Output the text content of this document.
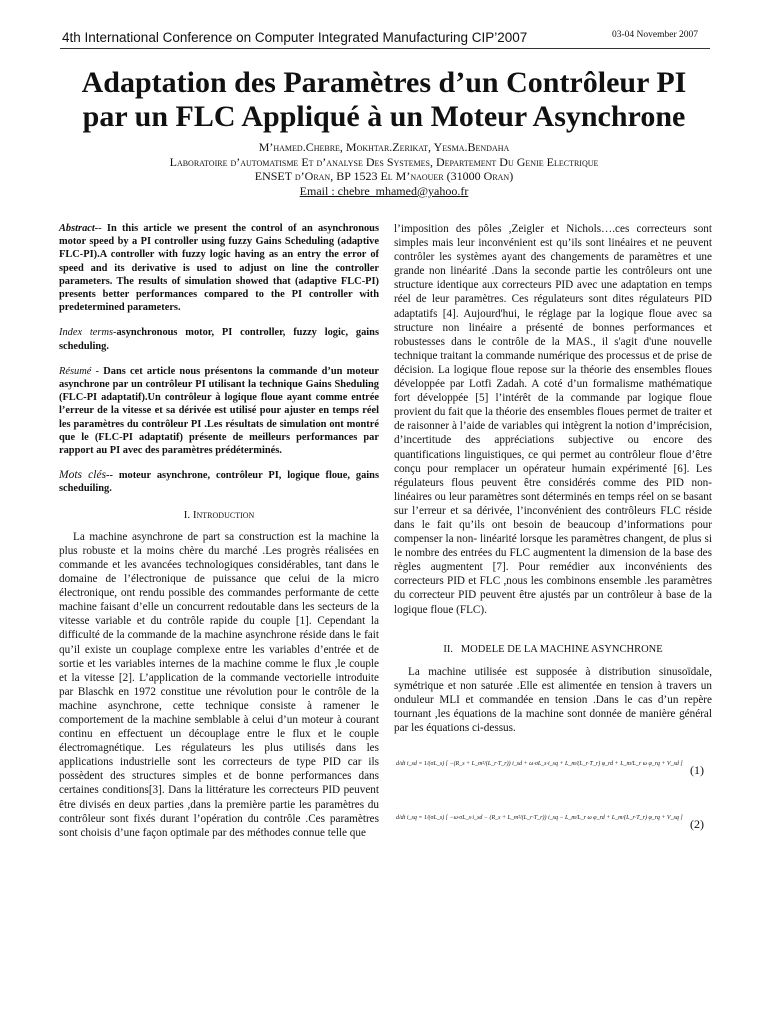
4th International Conference on Computer Integrated Manufacturing CIP’2007	03-04 November 2007
Adaptation des Paramètres d’un Contrôleur PI
par un FLC Appliqué à un Moteur Asynchrone
M’hamed.Chebre, Mokhtar.Zerikat, Yesma.Bendaha
Laboratoire d’automatisme Et d’analyse Des Systemes, Departement Du Genie Electrique
ENSET d’Oran, BP 1523 El M’naouer (31000 Oran)
Email : chebre_mhamed@yahoo.fr

Abstract-- In this article we present the control of an asynchronous motor speed by a PI controller using fuzzy Gains Scheduling (adaptive FLC-PI).A controller with fuzzy logic having as an entry the error of speed and its derivative is used to adjust on line the controller parameters. The results of simulation showed that (adaptive FLC-PI) presents better performances compared to the PI controller with predetermined parameters.

Index terms-asynchronous motor, PI controller, fuzzy logic, gains scheduling.

Résumé - Dans cet article nous présentons la commande d’un moteur asynchrone par un contrôleur PI utilisant la technique Gains Sheduling (FLC-PI adaptatif).Un contrôleur à logique floue ayant comme entrée l’erreur de la vitesse et sa dérivée est utilisé pour ajuster en temps réel les paramètres du contrôleur PI .Les résultats de simulation ont montré que le (FLC-PI adaptatif) présente de meilleurs performances par rapport au PI avec des paramètres prédéterminés.

Mots clés-- moteur asynchrone, contrôleur PI, logique floue, gains scheduiling.

I. Introduction

La machine asynchrone de part sa construction est la machine la plus robuste et la moins chère du marché .Les progrès réalisées en commande et les avancées technologiques considérables, tant dans le domaine de l’électronique de puissance que celui de la micro électronique, ont rendu possible des commandes performante de cette machine faisant d’elle un concurrent redoutable dans les secteurs de la vitesse variable et du contrôle rapide du couple [1]. Cependant la difficulté de la commande de la machine asynchrone réside dans le fait qu’il existe un couplage complexe entre les variables d’entrée et de sortie et les variables internes de la machine comme le flux ,le couple et la vitesse [2]. L’application de la commande vectorielle introduite par Blaschk en 1972 constitue une révolution pour le contrôle de la machine asynchrone, cette technique consiste à ramener le comportement de la machine semblable à celui d’un moteur à courant continu en effectuent un découplage entre le flux et le couple électromagnétique. Les régulateurs les plus utilisés dans les applications industrielle sont les correcteurs de type PID car ils possèdent des structures simples et de bonne performances dans certaines conditions[3]. Dans la littérature les correcteurs PID peuvent être divisés en deux parties ,dans la première partie les paramètres du contrôleur sont fixés durant l’opération du contrôle .Ces paramètres sont choisis d’une façon optimale par des méthodes connue telle que

l’imposition des pôles ,Zeigler et Nichols….ces correcteurs sont simples mais leur inconvénient est qu’ils sont linéaires et ne peuvent contrôler les systèmes ayant des changements de paramètres et une grande non linéarité .Dans la seconde partie les contrôleurs ont une structure identique aux correcteurs PID avec une adaptation en temps réel de leur paramètres. Ces régulateurs sont dites régulateurs PID adaptatifs [4]. Aujourd'hui, le réglage par la logique floue avec sa structure non linéaire a présenté de bonnes performances et robustesses dans le contrôle de la MAS., il s'agit d'une nouvelle technique traitant la commande numérique des processus et de prise de décision. La logique floue repose sur la théorie des ensembles floues développée par Lotfi Zadah. A coté d’un formalisme mathématique fort développée [5] l’intérêt de la commande par logique floue provient du fait que la théorie des ensembles floues permet de traiter et de raisonner à l’aide de variables qui intègrent la notion d’imprécision, d’incertitude des appréciations subjective ou encore des quantifications linguistiques, ce qui permet au contrôleur floue d’être conçu pour remplacer un opérateur humain expérimenté [6]. Les régulateurs flous peuvent être considérés comme des PID non- linéaires ou leur paramètres sont déterminés en temps réel on se basant sur l’erreur et sa dérivée, l’inconvénient des contrôleurs FLC réside dans le fait qu’ils ont besoin de beaucoup d’informations pour compenser la non- linéarité lorsque les paramètres changent, de plus si le nombre des entrées du FLC augmentent la dimension de la base des règles augmentent [7]. Pour remédier aux inconvénients des correcteurs PID et FLC ,nous les combinons ensemble .les paramètres du correcteur PID peuvent être ajustés par un contrôleur à base de la logique floue (FLC).

II. MODELE DE LA MACHINE ASYNCHRONE

La machine utilisée est supposée à distribution sinusoïdale, symétrique et non saturée .Elle est alimentée en tension à travers un onduleur MLI et commandée en tension .Dans le cas d’un repère tournant ,les équations de la machine sont donnée de manière général par les équations ci-dessus.

d/dt i_sd = 1/(σL_s) [ −(R_s + L_m²/(L_r·T_r)) i_sd + ω·σL_s·i_sq + L_m/(L_r·T_r) φ_rd + L_m/L_r ω φ_rq + V_sd ] (1)
d/dt i_sq = 1/(σL_s) [ −ω·σL_s·i_sd − (R_s + L_m²/(L_r·T_r)) i_sq − L_m/L_r ω φ_rd + L_m/(L_r·T_r) φ_rq + V_sq ] (2)
